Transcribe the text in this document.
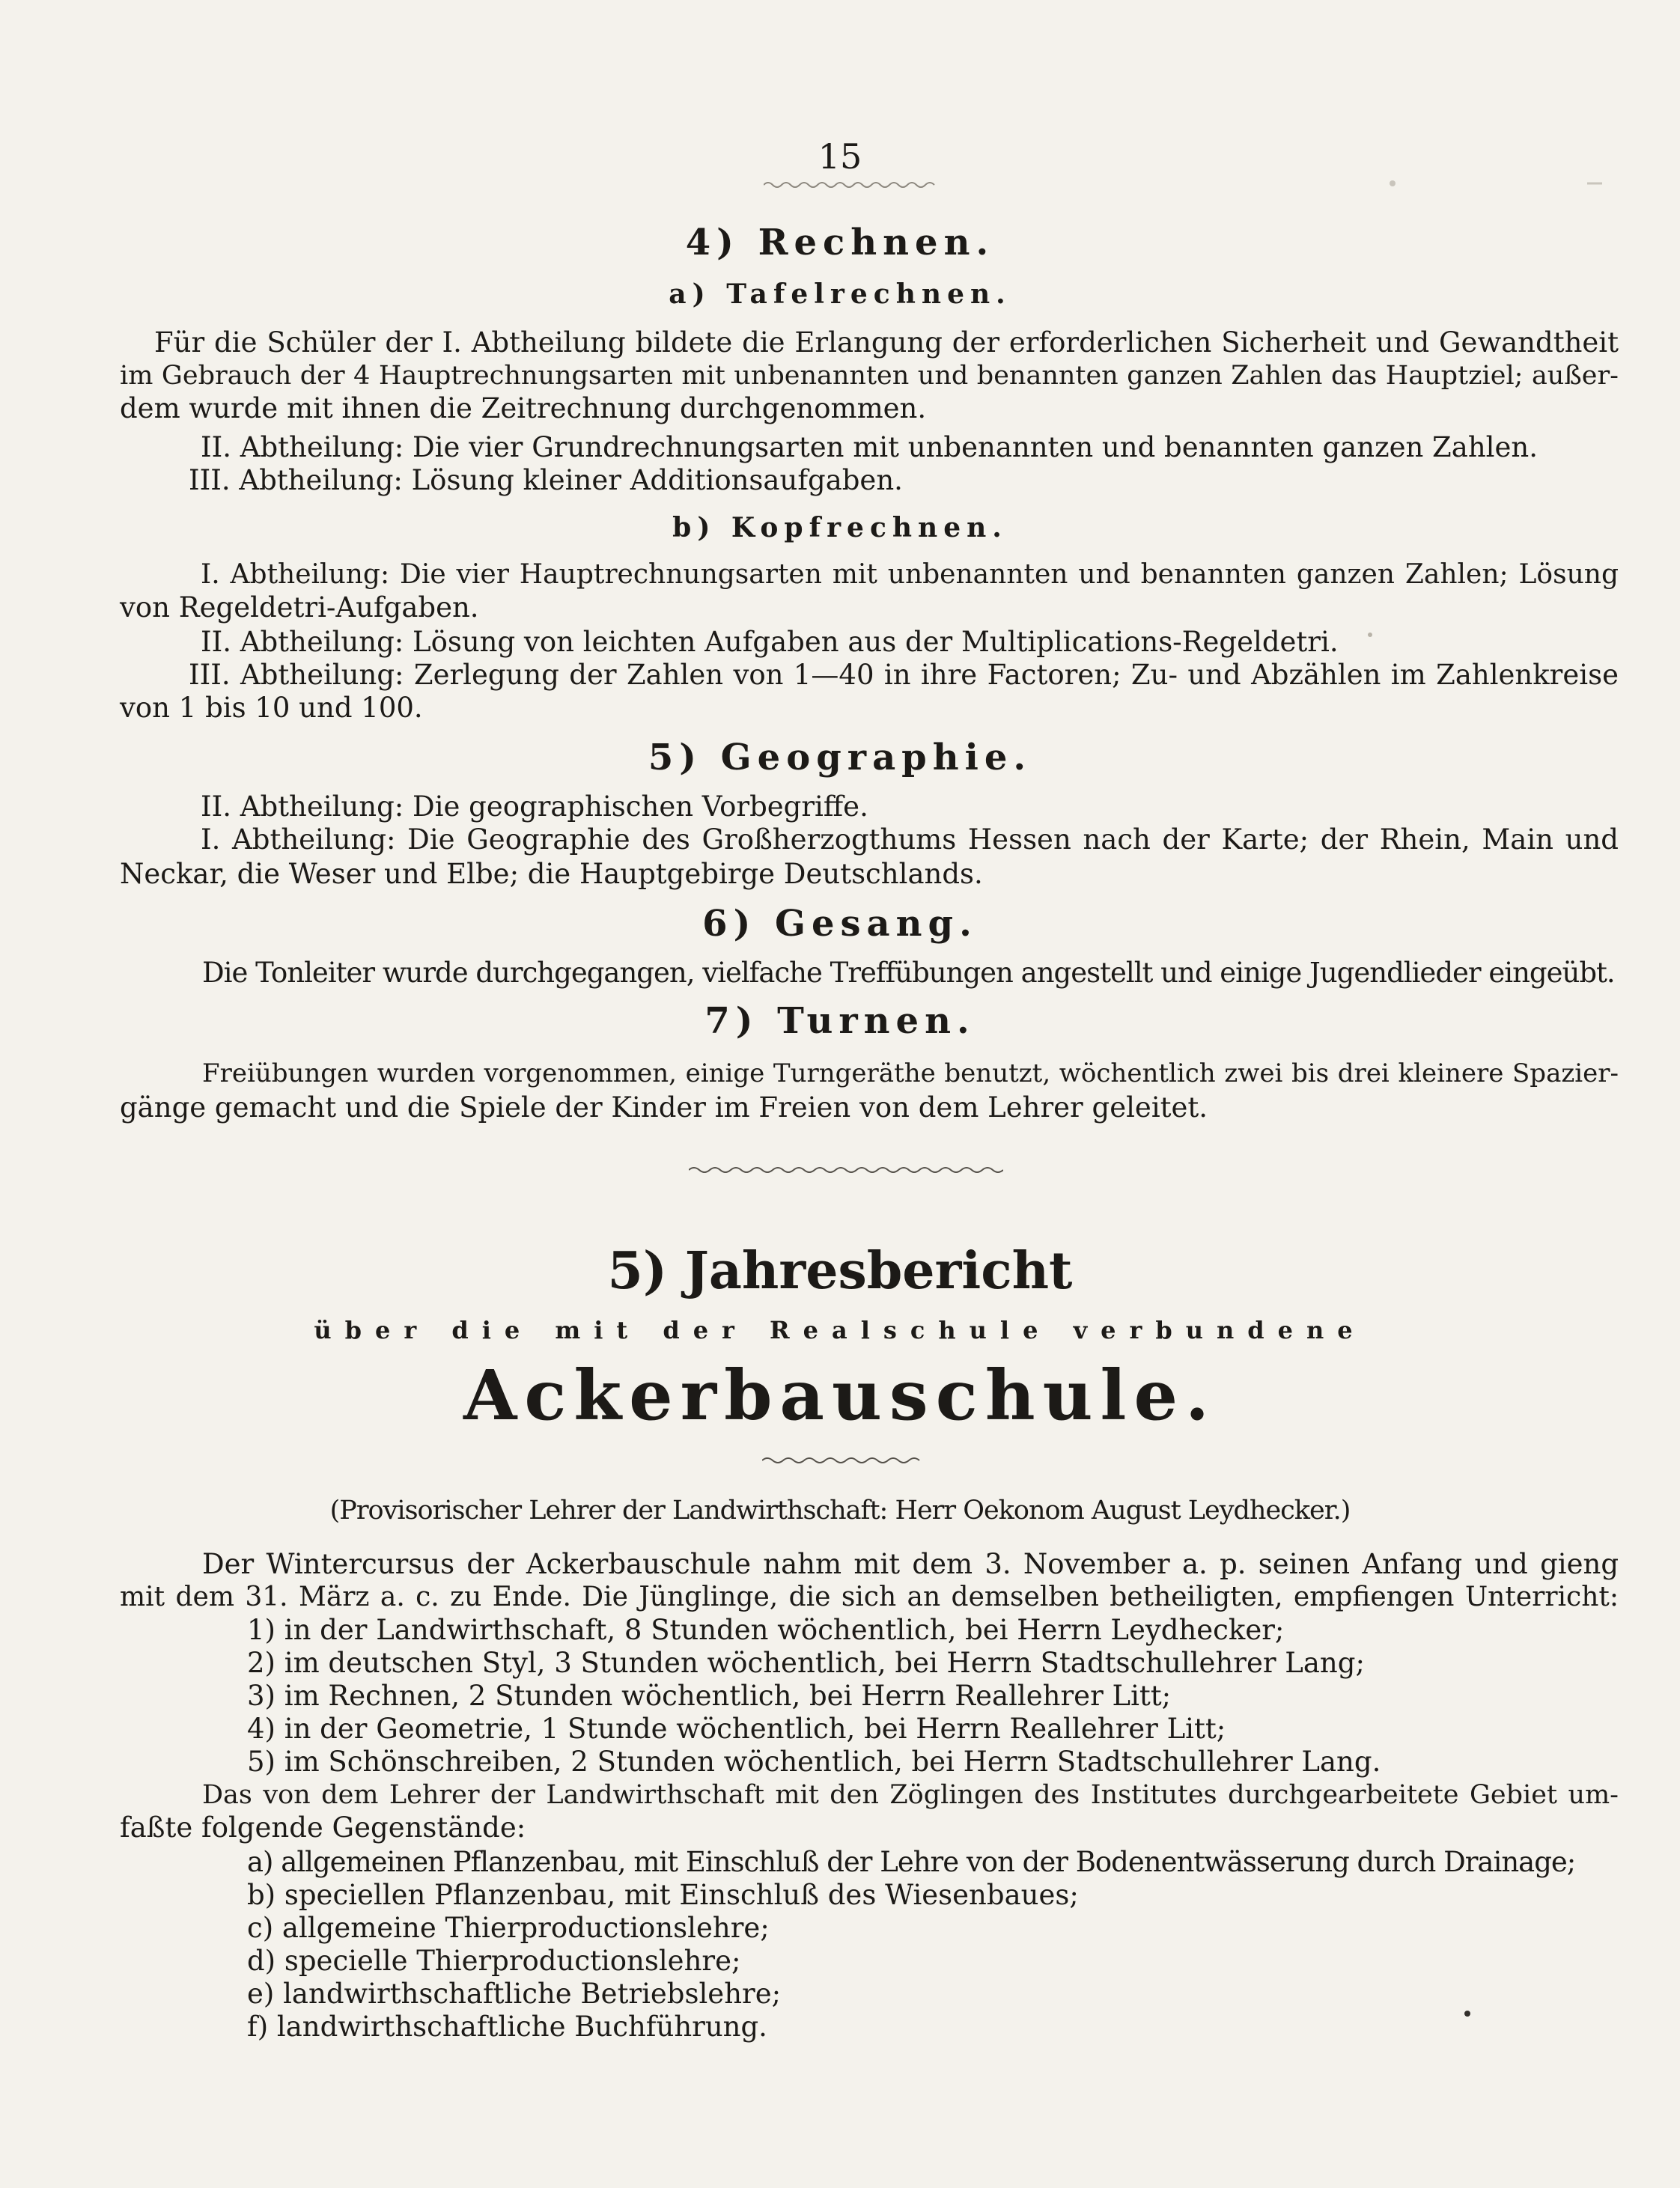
15
4) Rechnen.
a) Tafelrechnen.
Für die Schüler der I. Abtheilung bildete die Erlangung der erforderlichen Sicherheit und Gewandtheit
im Gebrauch der 4 Hauptrechnungsarten mit unbenannten und benannten ganzen Zahlen das Hauptziel; außer-
dem wurde mit ihnen die Zeitrechnung durchgenommen.
II. Abtheilung: Die vier Grundrechnungsarten mit unbenannten und benannten ganzen Zahlen.
III. Abtheilung: Lösung kleiner Additionsaufgaben.
b) Kopfrechnen.
I. Abtheilung: Die vier Hauptrechnungsarten mit unbenannten und benannten ganzen Zahlen; Lösung
von Regeldetri-Aufgaben.
II. Abtheilung: Lösung von leichten Aufgaben aus der Multiplications-Regeldetri.
III. Abtheilung: Zerlegung der Zahlen von 1—40 in ihre Factoren; Zu- und Abzählen im Zahlenkreise
von 1 bis 10 und 100.
5) Geographie.
II. Abtheilung: Die geographischen Vorbegriffe.
I. Abtheilung: Die Geographie des Großherzogthums Hessen nach der Karte; der Rhein, Main und
Neckar, die Weser und Elbe; die Hauptgebirge Deutschlands.
6) Gesang.
Die Tonleiter wurde durchgegangen, vielfache Treffübungen angestellt und einige Jugendlieder eingeübt.
7) Turnen.
Freiübungen wurden vorgenommen, einige Turngeräthe benutzt, wöchentlich zwei bis drei kleinere Spazier-
gänge gemacht und die Spiele der Kinder im Freien von dem Lehrer geleitet.
5) Jahresbericht
über die mit der Realschule verbundene
Ackerbauschule.
(Provisorischer Lehrer der Landwirthschaft: Herr Oekonom August Leydhecker.)
Der Wintercursus der Ackerbauschule nahm mit dem 3. November a. p. seinen Anfang und gieng
mit dem 31. März a. c. zu Ende. Die Jünglinge, die sich an demselben betheiligten, empfiengen Unterricht:
1) in der Landwirthschaft, 8 Stunden wöchentlich, bei Herrn Leydhecker;
2) im deutschen Styl, 3 Stunden wöchentlich, bei Herrn Stadtschullehrer Lang;
3) im Rechnen, 2 Stunden wöchentlich, bei Herrn Reallehrer Litt;
4) in der Geometrie, 1 Stunde wöchentlich, bei Herrn Reallehrer Litt;
5) im Schönschreiben, 2 Stunden wöchentlich, bei Herrn Stadtschullehrer Lang.
Das von dem Lehrer der Landwirthschaft mit den Zöglingen des Institutes durchgearbeitete Gebiet um-
faßte folgende Gegenstände:
a) allgemeinen Pflanzenbau, mit Einschluß der Lehre von der Bodenentwässerung durch Drainage;
b) speciellen Pflanzenbau, mit Einschluß des Wiesenbaues;
c) allgemeine Thierproductionslehre;
d) specielle Thierproductionslehre;
e) landwirthschaftliche Betriebslehre;
f) landwirthschaftliche Buchführung.
